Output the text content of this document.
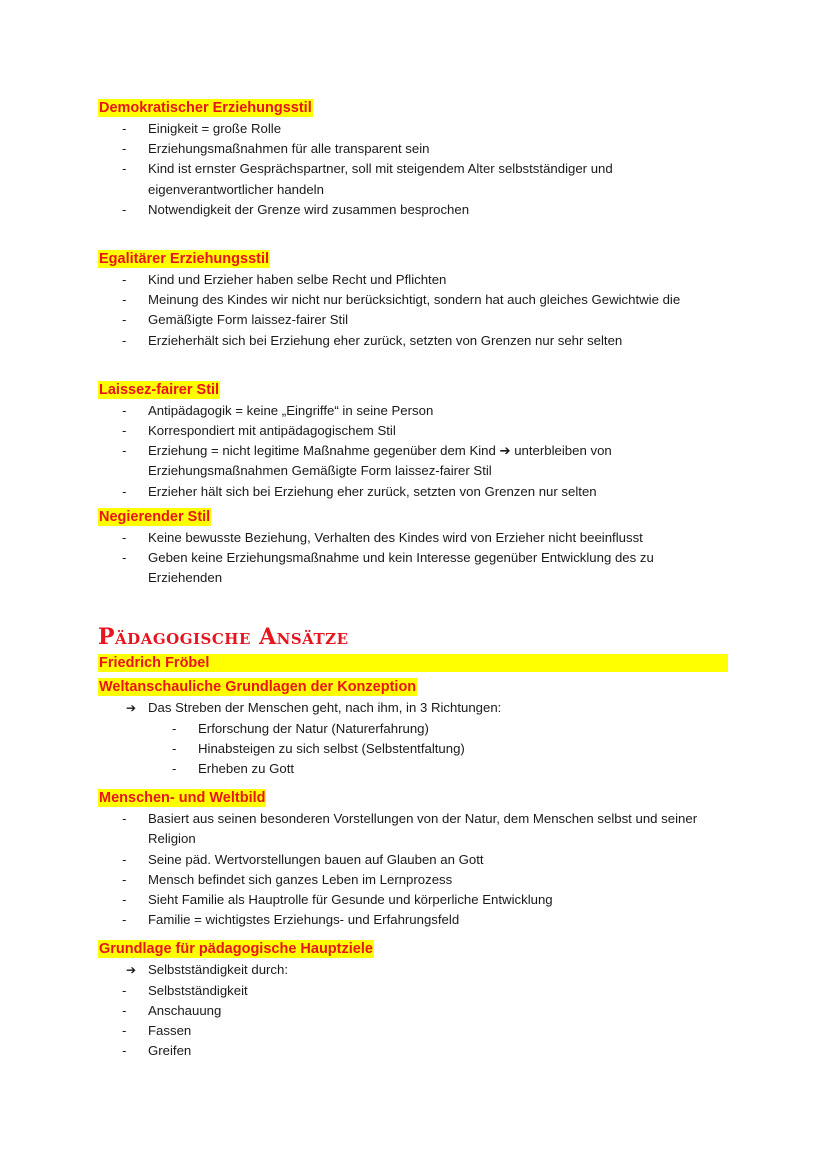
Demokratischer Erziehungsstil
- Einigkeit = große Rolle
- Erziehungsmaßnahmen für alle transparent sein
- Kind ist ernster Gesprächspartner, soll mit steigendem Alter selbstständiger und eigenverantwortlicher handeln
- Notwendigkeit der Grenze wird zusammen besprochen
Egalitärer Erziehungsstil
- Kind und Erzieher haben selbe Recht und Pflichten
- Meinung des Kindes wir nicht nur berücksichtigt, sondern hat auch gleiches Gewichtwie die
- Gemäßigte Form laissez-fairer Stil
- Erzieherhält sich bei Erziehung eher zurück, setzten von Grenzen nur sehr selten
Laissez-fairer Stil
- Antipädagogik = keine „Eingriffe“ in seine Person
- Korrespondiert mit antipädagogischem Stil
- Erziehung = nicht legitime Maßnahme gegenüber dem Kind ➔ unterbleiben von Erziehungsmaßnahmen Gemäßigte Form laissez-fairer Stil
- Erzieher hält sich bei Erziehung eher zurück, setzten von Grenzen nur selten
Negierender Stil
- Keine bewusste Beziehung, Verhalten des Kindes wird von Erzieher nicht beeinflusst
- Geben keine Erziehungsmaßnahme und kein Interesse gegenüber Entwicklung des zu Erziehenden
Pädagogische Ansätze
Friedrich Fröbel
Weltanschauliche Grundlagen der Konzeption
➔ Das Streben der Menschen geht, nach ihm, in 3 Richtungen:
- Erforschung der Natur (Naturerfahrung)
- Hinabsteigen zu sich selbst (Selbstentfaltung)
- Erheben zu Gott
Menschen- und Weltbild
- Basiert aus seinen besonderen Vorstellungen von der Natur, dem Menschen selbst und seiner Religion
- Seine päd. Wertvorstellungen bauen auf Glauben an Gott
- Mensch befindet sich ganzes Leben im Lernprozess
- Sieht Familie als Hauptrolle für Gesunde und körperliche Entwicklung
- Familie = wichtigstes Erziehungs- und Erfahrungsfeld
Grundlage für pädagogische Hauptziele
➔ Selbstständigkeit durch:
- Selbstständigkeit
- Anschauung
- Fassen
- Greifen
